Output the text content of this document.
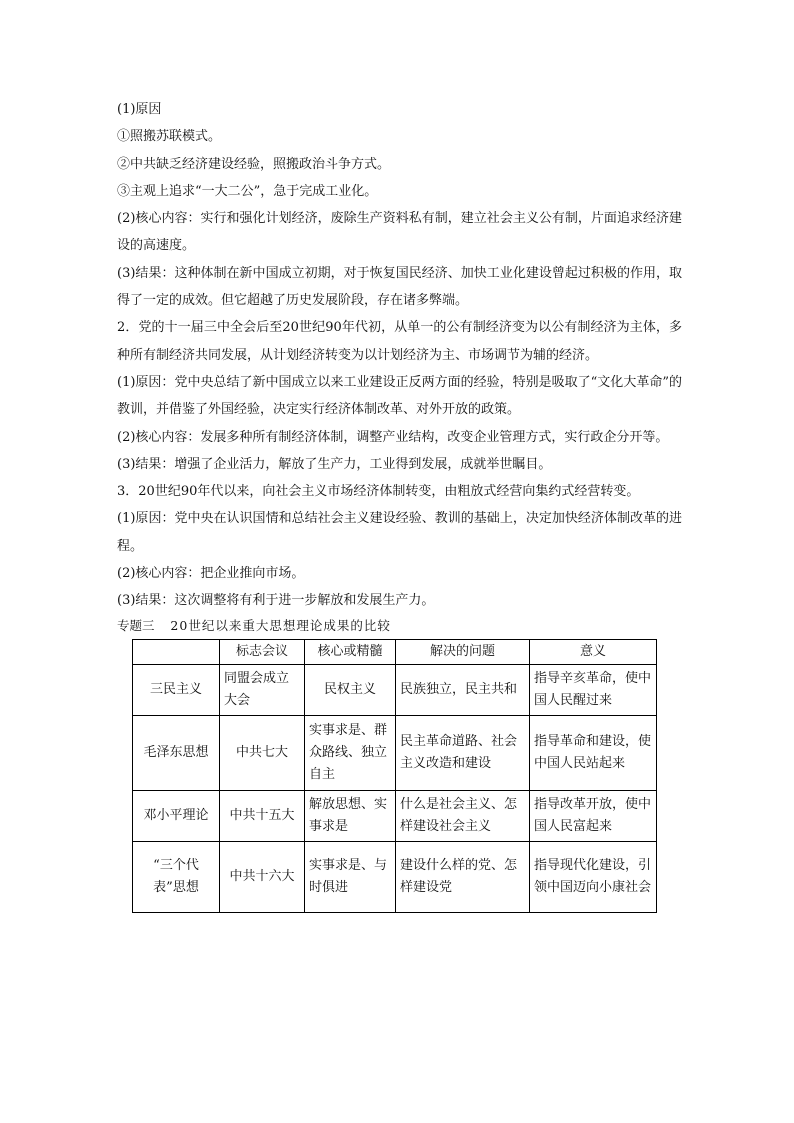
(1)原因

①照搬苏联模式。

②中共缺乏经济建设经验，照搬政治斗争方式。

③主观上追求“一大二公”，急于完成工业化。

(2)核心内容：实行和强化计划经济，废除生产资料私有制，建立社会主义公有制，片面追求经济建设的高速度。

(3)结果：这种体制在新中国成立初期，对于恢复国民经济、加快工业化建设曾起过积极的作用，取得了一定的成效。但它超越了历史发展阶段，存在诸多弊端。

2．党的十一届三中全会后至20世纪90年代初，从单一的公有制经济变为以公有制经济为主体，多种所有制经济共同发展，从计划经济转变为以计划经济为主、市场调节为辅的经济。

(1)原因：党中央总结了新中国成立以来工业建设正反两方面的经验，特别是吸取了“文化大革命”的教训，并借鉴了外国经验，决定实行经济体制改革、对外开放的政策。

(2)核心内容：发展多种所有制经济体制，调整产业结构，改变企业管理方式，实行政企分开等。

(3)结果：增强了企业活力，解放了生产力，工业得到发展，成就举世瞩目。

3．20世纪90年代以来，向社会主义市场经济体制转变，由粗放式经营向集约式经营转变。

(1)原因：党中央在认识国情和总结社会主义建设经验、教训的基础上，决定加快经济体制改革的进程。

(2)核心内容：把企业推向市场。

(3)结果：这次调整将有利于进一步解放和发展生产力。

专题三 20世纪以来重大思想理论成果的比较

	标志会议	核心或精髓	解决的问题	意义
三民主义	同盟会成立大会	民权主义	民族独立，民主共和	指导辛亥革命，使中国人民醒过来
毛泽东思想	中共七大	实事求是、群众路线、独立自主	民主革命道路、社会主义改造和建设	指导革命和建设，使中国人民站起来
邓小平理论	中共十五大	解放思想、实事求是	什么是社会主义、怎样建设社会主义	指导改革开放，使中国人民富起来
“三个代表”思想	中共十六大	实事求是、与时俱进	建设什么样的党、怎样建设党	指导现代化建设，引领中国迈向小康社会
